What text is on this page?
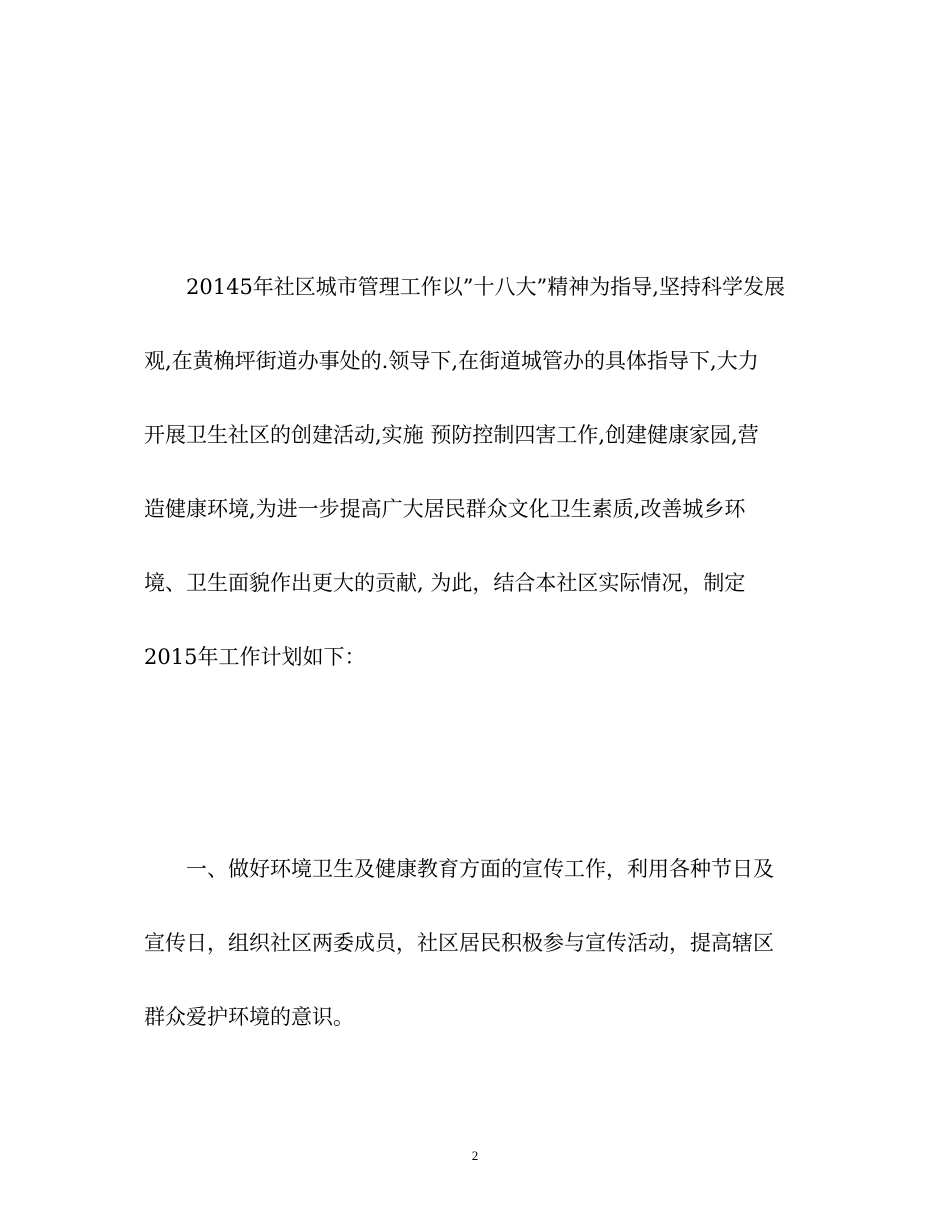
20145年社区城市管理工作以”十八大”精神为指导,坚持科学发展
观,在黄桷坪街道办事处的.领导下,在街道城管办的具体指导下,大力
开展卫生社区的创建活动,实施 预防控制四害工作,创建健康家园,营
造健康环境,为进一步提高广大居民群众文化卫生素质,改善城乡环
境、卫生面貌作出更大的贡献, 为此，结合本社区实际情况，制定
2015年工作计划如下：
一、做好环境卫生及健康教育方面的宣传工作，利用各种节日及
宣传日，组织社区两委成员，社区居民积极参与宣传活动，提高辖区
群众爱护环境的意识。
2
